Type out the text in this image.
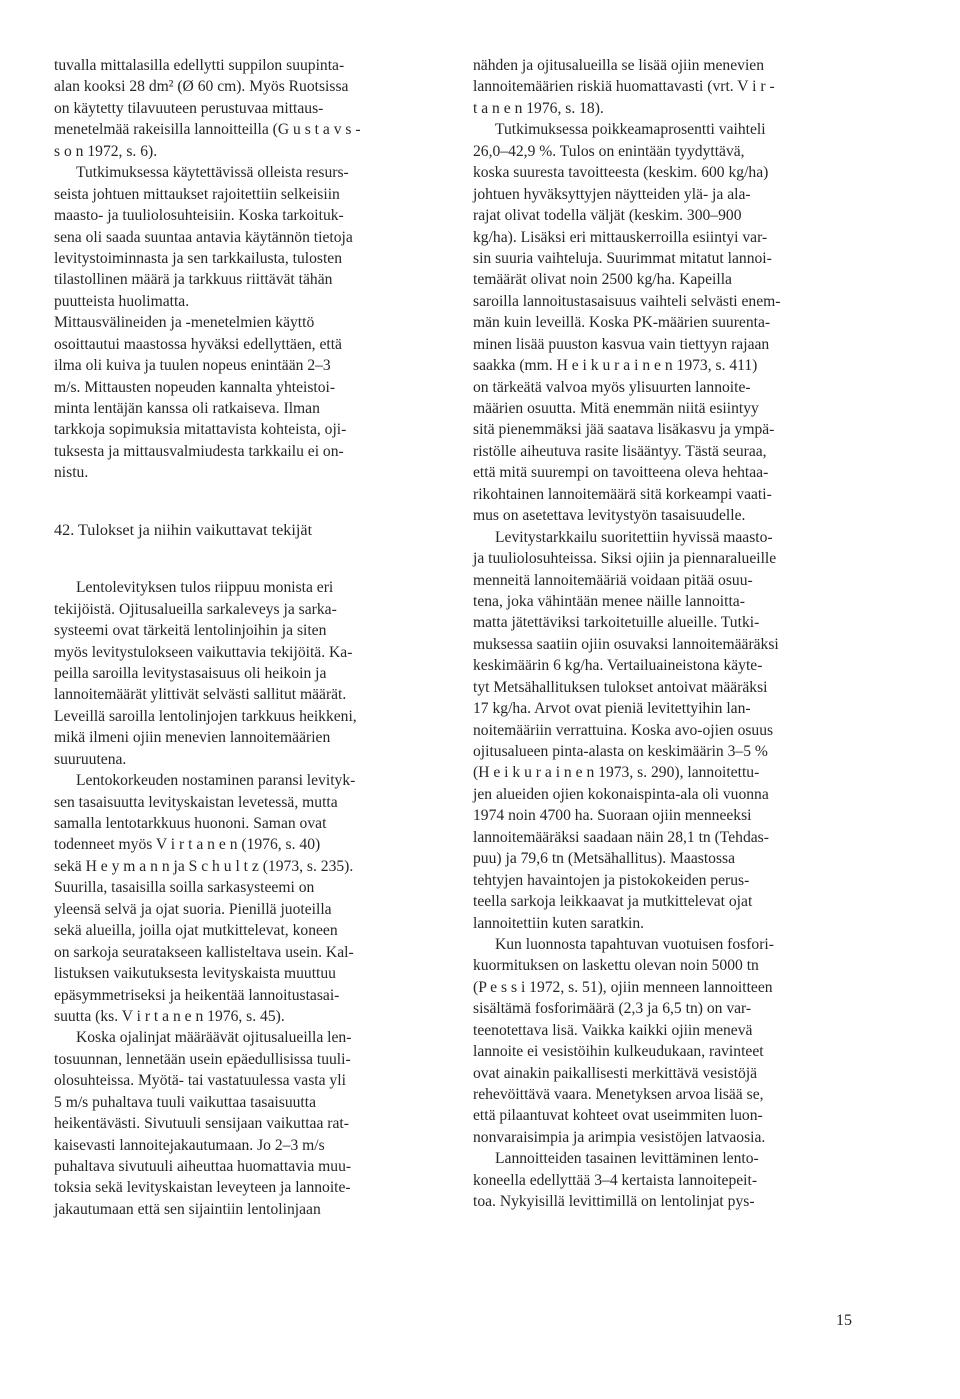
tuvalla mittalasilla edellytti suppilon suupinta-
alan kooksi 28 dm² (Ø 60 cm). Myös Ruotsissa
on käytetty tilavuuteen perustuvaa mittaus-
menetelmää rakeisilla lannoitteilla (G u s t a v s -
s o n 1972, s. 6).
Tutkimuksessa käytettävissä olleista resurs-
seista johtuen mittaukset rajoitettiin selkeisiin
maasto- ja tuuliolosuhteisiin. Koska tarkoituk-
sena oli saada suuntaa antavia käytännön tietoja
levitystoiminnasta ja sen tarkkailusta, tulosten
tilastollinen määrä ja tarkkuus riittävät tähän
puutteista huolimatta.
Mittausvälineiden ja -menetelmien käyttö
osoittautui maastossa hyväksi edellyttäen, että
ilma oli kuiva ja tuulen nopeus enintään 2–3
m/s. Mittausten nopeuden kannalta yhteistoi-
minta lentäjän kanssa oli ratkaiseva. Ilman
tarkkoja sopimuksia mitattavista kohteista, oji-
tuksesta ja mittausvalmiudesta tarkkailu ei on-
nistu.
42. Tulokset ja niihin vaikuttavat tekijät
Lentolevityksen tulos riippuu monista eri
tekijöistä. Ojitusalueilla sarkaleveys ja sarka-
systeemi ovat tärkeitä lentolinjoihin ja siten
myös levitystulokseen vaikuttavia tekijöitä. Ka-
peilla saroilla levitystasaisuus oli heikoin ja
lannoitemäärät ylittivät selvästi sallitut määrät.
Leveillä saroilla lentolinjojen tarkkuus heikkeni,
mikä ilmeni ojiin menevien lannoitemäärien
suuruutena.
Lentokorkeuden nostaminen paransi levityk-
sen tasaisuutta levityskaistan levetessä, mutta
samalla lentotarkkuus huononi. Saman ovat
todenneet myös V i r t a n e n (1976, s. 40)
sekä H e y m a n n ja S c h u l t z (1973, s. 235).
Suurilla, tasaisilla soilla sarkasysteemi on
yleensä selvä ja ojat suoria. Pienillä juoteilla
sekä alueilla, joilla ojat mutkittelevat, koneen
on sarkoja seuratakseen kallisteltava usein. Kal-
listuksen vaikutuksesta levityskaista muuttuu
epäsymmetriseksi ja heikentää lannoitustasai-
suutta (ks. V i r t a n e n 1976, s. 45).
Koska ojalinjat määräävät ojitusalueilla len-
tosuunnan, lennetään usein epäedullisissa tuuli-
olosuhteissa. Myötä- tai vastatuulessa vasta yli
5 m/s puhaltava tuuli vaikuttaa tasaisuutta
heikentävästi. Sivutuuli sensijaan vaikuttaa rat-
kaisevasti lannoitejakautumaan. Jo 2–3 m/s
puhaltava sivutuuli aiheuttaa huomattavia muu-
toksia sekä levityskaistan leveyteen ja lannoite-
jakautumaan että sen sijaintiin lentolinjaan
nähden ja ojitusalueilla se lisää ojiin menevien
lannoitemäärien riskiä huomattavasti (vrt. V i r -
t a n e n 1976, s. 18).
Tutkimuksessa poikkeamaprosentti vaihteli
26,0–42,9 %. Tulos on enintään tyydyttävä,
koska suuresta tavoitteesta (keskim. 600 kg/ha)
johtuen hyväksyttyjen näytteiden ylä- ja ala-
rajat olivat todella väljät (keskim. 300–900
kg/ha). Lisäksi eri mittauskerroilla esiintyi var-
sin suuria vaihteluja. Suurimmat mitatut lannoi-
temäärät olivat noin 2500 kg/ha. Kapeilla
saroilla lannoitustasaisuus vaihteli selvästi enem-
män kuin leveillä. Koska PK-määrien suurenta-
minen lisää puuston kasvua vain tiettyyn rajaan
saakka (mm. H e i k u r a i n e n 1973, s. 411)
on tärkeätä valvoa myös ylisuurten lannoite-
määrien osuutta. Mitä enemmän niitä esiintyy
sitä pienemmäksi jää saatava lisäkasvu ja ympä-
ristölle aiheutuva rasite lisääntyy. Tästä seuraa,
että mitä suurempi on tavoitteena oleva hehtaa-
rikohtainen lannoitemäärä sitä korkeampi vaati-
mus on asetettava levitystyön tasaisuudelle.
Levitystarkkailu suoritettiin hyvissä maasto-
ja tuuliolosuhteissa. Siksi ojiin ja piennaralueille
menneitä lannoitemääriä voidaan pitää osuu-
tena, joka vähintään menee näille lannoitta-
matta jätettäviksi tarkoitetuille alueille. Tutki-
muksessa saatiin ojiin osuvaksi lannoitemääräksi
keskimäärin 6 kg/ha. Vertailuaineistona käyte-
tyt Metsähallituksen tulokset antoivat määräksi
17 kg/ha. Arvot ovat pieniä levitettyihin lan-
noitemääriin verrattuina. Koska avo-ojien osuus
ojitusalueen pinta-alasta on keskimäärin 3–5 %
(H e i k u r a i n e n 1973, s. 290), lannoitettu-
jen alueiden ojien kokonaispinta-ala oli vuonna
1974 noin 4700 ha. Suoraan ojiin menneeksi
lannoitemääräksi saadaan näin 28,1 tn (Tehdas-
puu) ja 79,6 tn (Metsähallitus). Maastossa
tehtyjen havaintojen ja pistokokeiden perus-
teella sarkoja leikkaavat ja mutkittelevat ojat
lannoitettiin kuten saratkin.
Kun luonnosta tapahtuvan vuotuisen fosfori-
kuormituksen on laskettu olevan noin 5000 tn
(P e s s i 1972, s. 51), ojiin menneen lannoitteen
sisältämä fosforimäärä (2,3 ja 6,5 tn) on var-
teenotettava lisä. Vaikka kaikki ojiin menevä
lannoite ei vesistöihin kulkeudukaan, ravinteet
ovat ainakin paikallisesti merkittävä vesistöjä
rehevöittävä vaara. Menetyksen arvoa lisää se,
että pilaantuvat kohteet ovat useimmiten luon-
nonvaraisimpia ja arimpia vesistöjen latvaosia.
Lannoitteiden tasainen levittäminen lento-
koneella edellyttää 3–4 kertaista lannoitepeit-
toa. Nykyisillä levittimillä on lentolinjat pys-
15
